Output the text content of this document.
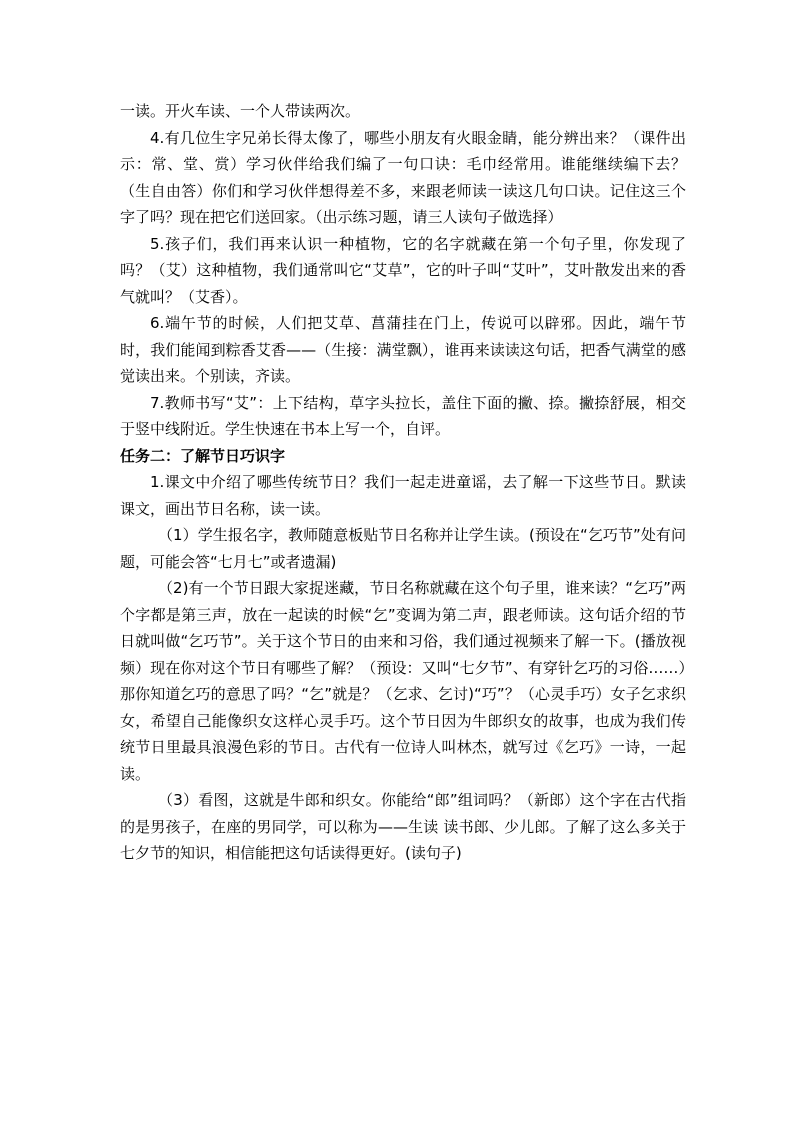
一读。开火车读、一个人带读两次。

4.有几位生字兄弟长得太像了，哪些小朋友有火眼金睛，能分辨出来？（课件出示：常、堂、赏）学习伙伴给我们编了一句口诀：毛巾经常用。谁能继续编下去？（生自由答）你们和学习伙伴想得差不多，来跟老师读一读这几句口诀。记住这三个字了吗？现在把它们送回家。（出示练习题，请三人读句子做选择）

5.孩子们，我们再来认识一种植物，它的名字就藏在第一个句子里，你发现了吗？（艾）这种植物，我们通常叫它“艾草”，它的叶子叫“艾叶”，艾叶散发出来的香气就叫？（艾香）。

6.端午节的时候，人们把艾草、菖蒲挂在门上，传说可以辟邪。因此，端午节时，我们能闻到粽香艾香——（生接：满堂飘），谁再来读读这句话，把香气满堂的感觉读出来。个别读，齐读。

7.教师书写“艾”：上下结构，草字头拉长，盖住下面的撇、捺。撇捺舒展，相交于竖中线附近。学生快速在书本上写一个，自评。

任务二：了解节日巧识字

1.课文中介绍了哪些传统节日？我们一起走进童谣，去了解一下这些节日。默读课文，画出节日名称，读一读。

（1）学生报名字，教师随意板贴节日名称并让学生读。(预设在“乞巧节”处有问题，可能会答“七月七”或者遗漏)

（2)有一个节日跟大家捉迷藏，节日名称就藏在这个句子里，谁来读？“乞巧”两个字都是第三声，放在一起读的时候“乞”变调为第二声，跟老师读。这句话介绍的节日就叫做“乞巧节”。关于这个节日的由来和习俗，我们通过视频来了解一下。(播放视频）现在你对这个节日有哪些了解？（预设：又叫“七夕节”、有穿针乞巧的习俗……）那你知道乞巧的意思了吗？“乞”就是？（乞求、乞讨)“巧”？（心灵手巧）女子乞求织女，希望自己能像织女这样心灵手巧。这个节日因为牛郎织女的故事，也成为我们传统节日里最具浪漫色彩的节日。古代有一位诗人叫林杰，就写过《乞巧》一诗，一起读。

（3）看图，这就是牛郎和织女。你能给“郎”组词吗？（新郎）这个字在古代指的是男孩子，在座的男同学，可以称为——生读 读书郎、少儿郎。了解了这么多关于七夕节的知识，相信能把这句话读得更好。(读句子)
